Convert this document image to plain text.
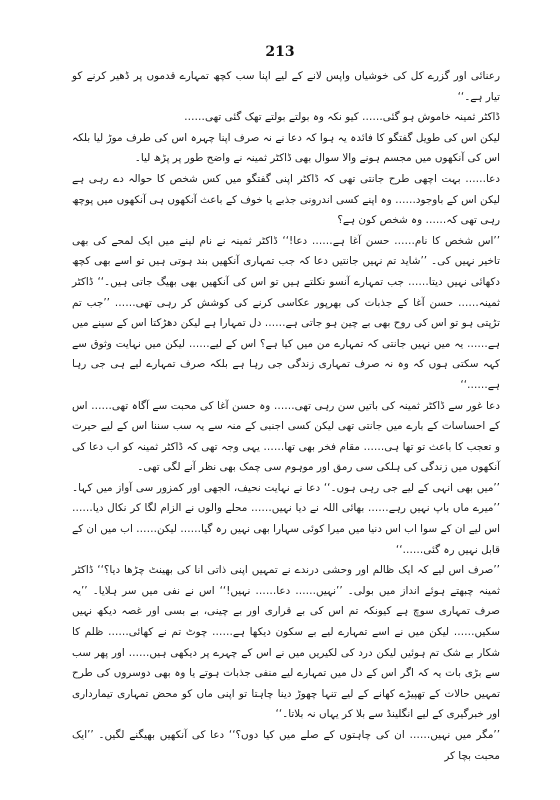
213

رعنائی اور گزرے کل کی خوشیاں واپس لانے کے لیے اپنا سب کچھ تمہارے قدموں پر ڈھیر کرنے کو تیار ہے۔‘‘

ڈاکٹر ثمینہ خاموش ہو گئی…… کیو نکہ وہ بولتے بولتے تھک گئی تھی……

لیکن اس کی طویل گفتگو کا فائدہ یہ ہوا کہ دعا نے نہ صرف اپنا چہرہ اس کی طرف موڑ لیا بلکہ اس کی آنکھوں میں مجسم ہونے والا سوال بھی ڈاکٹر ثمینہ نے واضح طور پر پڑھ لیا۔

دعا…… بہت اچھی طرح جانتی تھی کہ ڈاکٹر اپنی گفتگو میں کس شخص کا حوالہ دے رہی ہے لیکن اس کے باوجود…… وہ اپنے کسی اندرونی جذبے یا خوف کے باعث آنکھوں ہی آنکھوں میں پوچھ رہی تھی کہ…… وہ شخص کون ہے؟

’’اس شخص کا نام…… حسن آغا ہے…… دعا!‘‘ ڈاکٹر ثمینہ نے نام لینے میں ایک لمحے کی بھی تاخیر نہیں کی۔ ’’شاید تم نہیں جانتیں دعا کہ جب تمہاری آنکھیں بند ہوتی ہیں تو اسے بھی کچھ دکھائی نہیں دیتا…… جب تمہارے آنسو نکلتے ہیں تو اس کی آنکھیں بھی بھیگ جاتی ہیں۔‘‘ ڈاکٹر ثمینہ…… حسن آغا کے جذبات کی بھرپور عکاسی کرنے کی کوشش کر رہی تھی…… ’’جب تم تڑپتی ہو تو اس کی روح بھی بے چین ہو جاتی ہے…… دل تمہارا ہے لیکن دھڑکتا اس کے سینے میں ہے…… یہ میں نہیں جانتی کہ تمہارے من میں کیا ہے؟ اس کے لیے…… لیکن میں نہایت وثوق سے کہہ سکتی ہوں کہ وہ نہ صرف تمہاری زندگی جی رہا ہے بلکہ صرف تمہارے لیے ہی جی رہا ہے……‘‘

دعا غور سے ڈاکٹر ثمینہ کی باتیں سن رہی تھی…… وہ حسن آغا کی محبت سے آگاہ تھی…… اس کے احساسات کے بارے میں جانتی تھی لیکن کسی اجنبی کے منہ سے یہ سب سننا اس کے لیے حیرت و تعجب کا باعث تو تھا ہی…… مقام فخر بھی تھا…… یہی وجہ تھی کہ ڈاکٹر ثمینہ کو اب دعا کی آنکھوں میں زندگی کی ہلکی سی رمق اور موہوم سی چمک بھی نظر آنے لگی تھی۔

’’میں بھی انہی کے لیے جی رہی ہوں۔‘‘ دعا نے نہایت نحیف، الجھی اور کمزور سی آواز میں کہا۔ ’’میرے ماں باپ نہیں رہے…… بھائی اللہ نے دیا نہیں…… محلے والوں نے الزام لگا کر نکال دیا…… اس لیے ان کے سوا اب اس دنیا میں میرا کوئی سہارا بھی نہیں رہ گیا…… لیکن…… اب میں ان کے قابل نہیں رہ گئی……‘‘

’’صرف اس لیے کہ ایک ظالم اور وحشی درندے نے تمہیں اپنی ذاتی انا کی بھینٹ چڑھا دیا؟‘‘ ڈاکٹر ثمینہ چبھتے ہوئے انداز میں بولی۔ ’’نہیں…… دعا…… نہیں!‘‘ اس نے نفی میں سر ہلایا۔ ’’یہ صرف تمہاری سوچ ہے کیونکہ تم اس کی بے قراری اور بے چینی، بے بسی اور غصہ دیکھ نہیں سکیں…… لیکن میں نے اسے تمہارے لیے بے سکون دیکھا ہے…… چوٹ تم نے کھائی…… ظلم کا شکار بے شک تم ہوئیں لیکن درد کی لکیریں میں نے اس کے چہرے پر دیکھی ہیں…… اور پھر سب سے بڑی بات یہ کہ اگر اس کے دل میں تمہارے لیے منفی جذبات ہوتے یا وہ بھی دوسروں کی طرح تمہیں حالات کے تھپیڑے کھانے کے لیے تنہا چھوڑ دینا چاہتا تو اپنی ماں کو محض تمہاری تیمارداری اور خبرگیری کے لیے انگلینڈ سے بلا کر یہاں نہ بلاتا۔‘‘

’’مگر میں نہیں…… ان کی چاہتوں کے صلے میں کیا دوں؟‘‘ دعا کی آنکھیں بھیگنے لگیں۔ ’’ایک محبت بچا کر
